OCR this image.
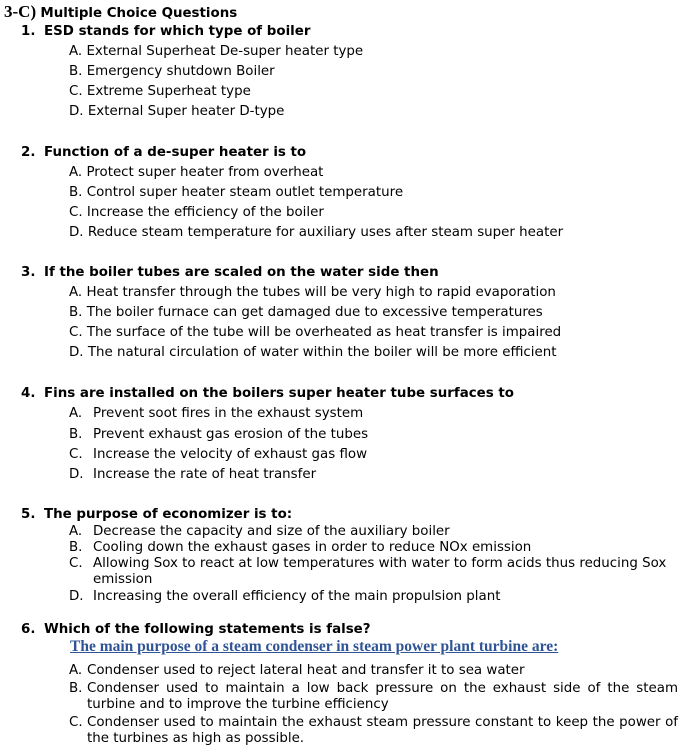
3-C) Multiple Choice Questions
1. ESD stands for which type of boiler
A. External Superheat De-super heater type
B. Emergency shutdown Boiler
C. Extreme Superheat type
D. External Super heater D-type
2. Function of a de-super heater is to
A. Protect super heater from overheat
B. Control super heater steam outlet temperature
C. Increase the efficiency of the boiler
D. Reduce steam temperature for auxiliary uses after steam super heater
3. If the boiler tubes are scaled on the water side then
A. Heat transfer through the tubes will be very high to rapid evaporation
B. The boiler furnace can get damaged due to excessive temperatures
C. The surface of the tube will be overheated as heat transfer is impaired
D. The natural circulation of water within the boiler will be more efficient
4. Fins are installed on the boilers super heater tube surfaces to
A. Prevent soot fires in the exhaust system
B. Prevent exhaust gas erosion of the tubes
C. Increase the velocity of exhaust gas flow
D. Increase the rate of heat transfer
5. The purpose of economizer is to:
A. Decrease the capacity and size of the auxiliary boiler
B. Cooling down the exhaust gases in order to reduce NOx emission
C. Allowing Sox to react at low temperatures with water to form acids thus reducing Sox emission
D. Increasing the overall efficiency of the main propulsion plant
6. Which of the following statements is false?
The main purpose of a steam condenser in steam power plant turbine are:
A. Condenser used to reject lateral heat and transfer it to sea water
B. Condenser used to maintain a low back pressure on the exhaust side of the steam turbine and to improve the turbine efficiency
C. Condenser used to maintain the exhaust steam pressure constant to keep the power of the turbines as high as possible.
